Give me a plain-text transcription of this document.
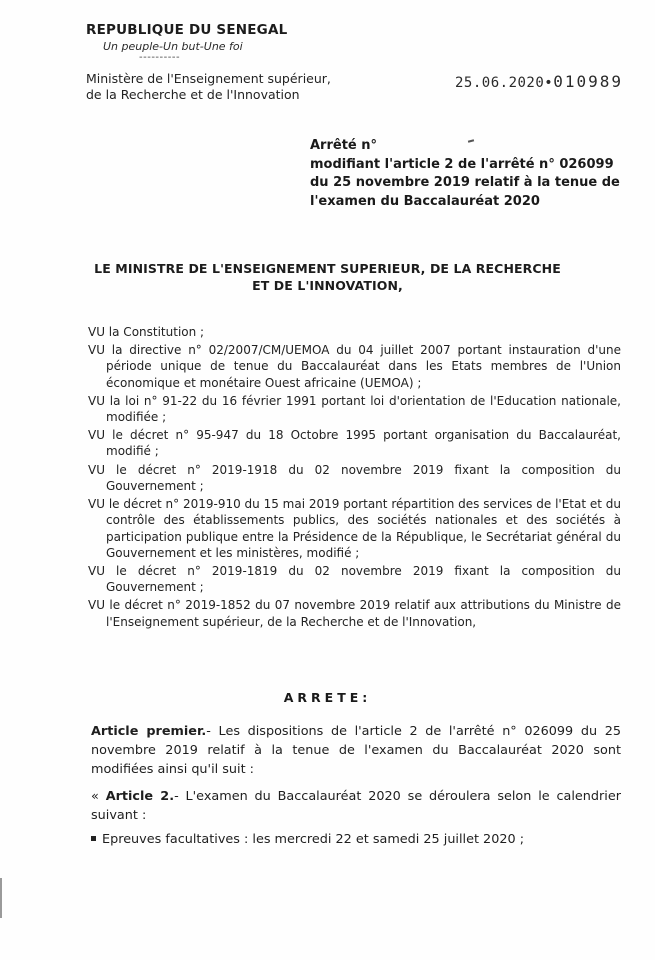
REPUBLIQUE DU SENEGAL
Un peuple-Un but-Une foi
----------
Ministère de l'Enseignement supérieur,
de la Recherche et de l'Innovation
25.06.2020•010989
Arrêté n°
modifiant l'article 2 de l'arrêté n° 026099
du 25 novembre 2019 relatif à la tenue de
l'examen du Baccalauréat 2020
LE MINISTRE DE L'ENSEIGNEMENT SUPERIEUR, DE LA RECHERCHE
ET DE L'INNOVATION,
VU la Constitution ;
VU la directive n° 02/2007/CM/UEMOA du 04 juillet 2007 portant instauration d'une période unique de tenue du Baccalauréat dans les Etats membres de l'Union économique et monétaire Ouest africaine (UEMOA) ;
VU la loi n° 91-22 du 16 février 1991 portant loi d'orientation de l'Education nationale, modifiée ;
VU le décret n° 95-947 du 18 Octobre 1995 portant organisation du Baccalauréat, modifié ;
VU le décret n° 2019-1918 du 02 novembre 2019 fixant la composition du Gouvernement ;
VU le décret n° 2019-910 du 15 mai 2019 portant répartition des services de l'Etat et du contrôle des établissements publics, des sociétés nationales et des sociétés à participation publique entre la Présidence de la République, le Secrétariat général du Gouvernement et les ministères, modifié ;
VU le décret n° 2019-1819 du 02 novembre 2019 fixant la composition du Gouvernement ;
VU le décret n° 2019-1852 du 07 novembre 2019 relatif aux attributions du Ministre de l'Enseignement supérieur, de la Recherche et de l'Innovation,
ARRETE:
Article premier.- Les dispositions de l'article 2 de l'arrêté n° 026099 du 25 novembre 2019 relatif à la tenue de l'examen du Baccalauréat 2020 sont modifiées ainsi qu'il suit :
« Article 2.- L'examen du Baccalauréat 2020 se déroulera selon le calendrier suivant :
Epreuves facultatives : les mercredi 22 et samedi 25 juillet 2020 ;
